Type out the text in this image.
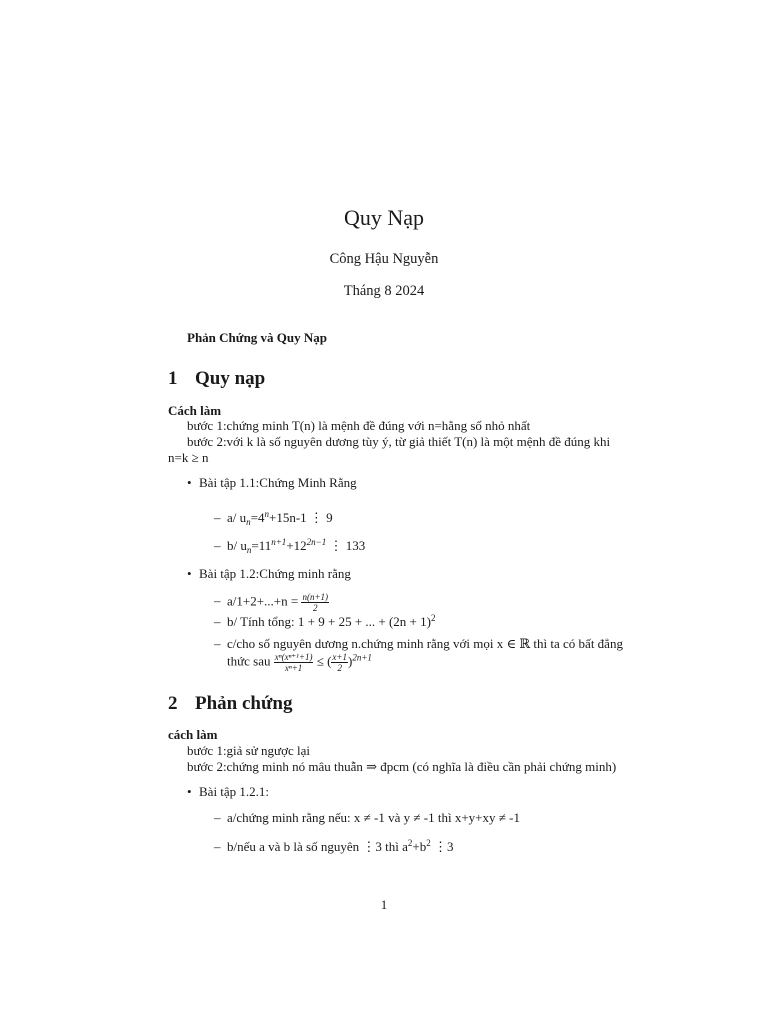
Quy Nạp
Công Hậu Nguyễn
Tháng 8 2024
Phản Chứng và Quy Nạp
1 Quy nạp
Cách làm
bước 1:chứng minh T(n) là mệnh đề đúng với n=hằng số nhỏ nhất
bước 2:với k là số nguyên dương tùy ý, từ giả thiết T(n) là một mệnh đề đúng khi
n=k ≥ n
• Bài tập 1.1:Chứng Minh Rằng
– a/ $u_n=4^n+15n-1$ ⋮ 9
– b/ $u_n=11^{n+1}+12^{2n-1}$ ⋮ 133
• Bài tập 1.2:Chứng minh rằng
– $a/1+2+...+n = \frac{n(n+1)}{2}$
– b/ Tính tổng: 1 + 9 + 25 + ... + $(2n + 1)^2$
– c/cho số nguyên dương n.chứng minh rằng với mọi x ∈ ℝ thì ta có bất đẳng
thức sau $\frac{\text{xⁿ(xⁿ⁺¹+1)}}{\text{xⁿ+1}}$ ≤ ( $\frac{x+1}{2} )^{2n+1}$
2 Phản chứng
cách làm
bước 1:giả sử ngược lại
bước 2:chứng minh nó mâu thuẫn ⇒ đpcm (có nghĩa là điều cần phải chứng minh)
• Bài tập 1.2.1:
– a/chứng minh rằng nếu: x ≠ -1 và y ≠ -1 thì x+y+xy ≠ -1
– b/nếu a và b là số nguyên ⋮3 thì $a^2+b^2$ ⋮3
1
